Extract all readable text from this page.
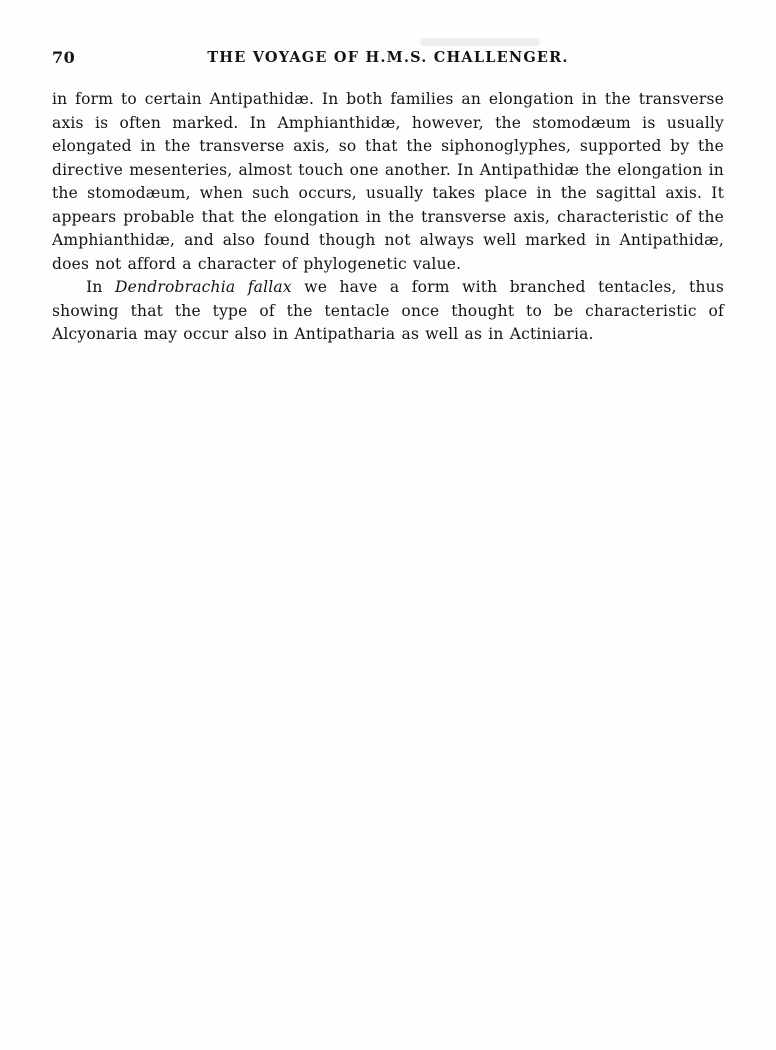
70	THE VOYAGE OF H.M.S. CHALLENGER.

in form to certain Antipathidæ. In both families an elongation in the transverse axis is often marked. In Amphianthidæ, however, the stomodæum is usually elongated in the transverse axis, so that the siphonoglyphes, supported by the directive mesenteries, almost touch one another. In Antipathidæ the elongation in the stomodæum, when such occurs, usually takes place in the sagittal axis. It appears probable that the elongation in the transverse axis, characteristic of the Amphianthidæ, and also found though not always well marked in Antipathidæ, does not afford a character of phylogenetic value.

In Dendrobrachia fallax we have a form with branched tentacles, thus showing that the type of the tentacle once thought to be characteristic of Alcyonaria may occur also in Antipatharia as well as in Actiniaria.
